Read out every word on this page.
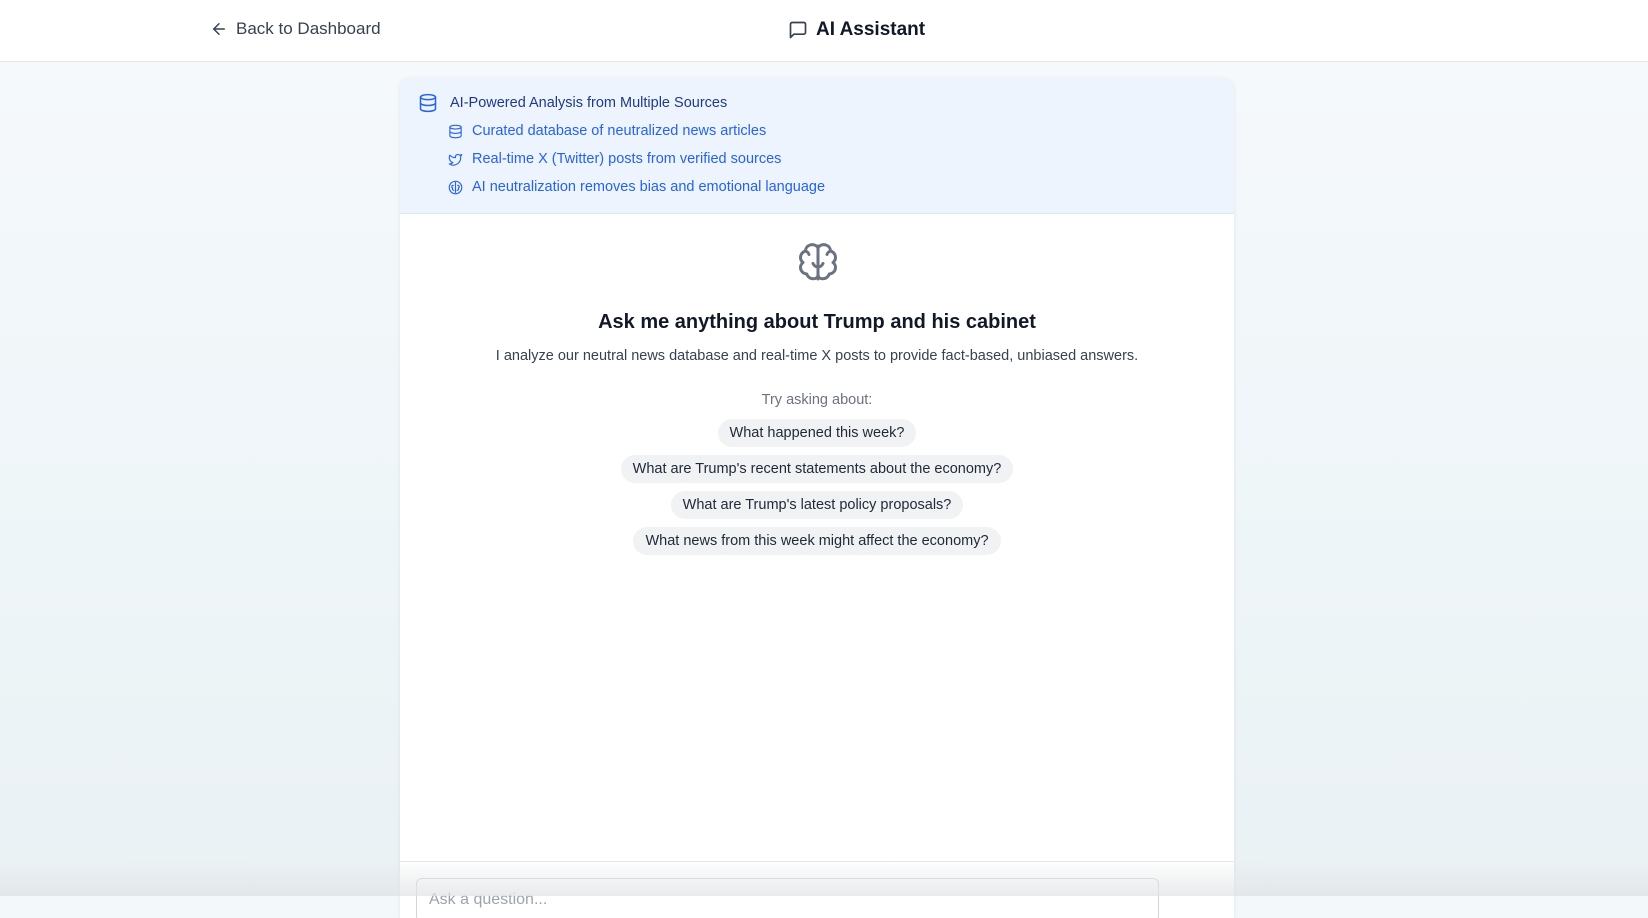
Back to Dashboard	AI Assistant
AI-Powered Analysis from Multiple Sources
Curated database of neutralized news articles
Real-time X (Twitter) posts from verified sources
AI neutralization removes bias and emotional language
Ask me anything about Trump and his cabinet
I analyze our neutral news database and real-time X posts to provide fact-based, unbiased answers.
Try asking about:
What happened this week?
What are Trump's recent statements about the economy?
What are Trump's latest policy proposals?
What news from this week might affect the economy?
Ask a question...
